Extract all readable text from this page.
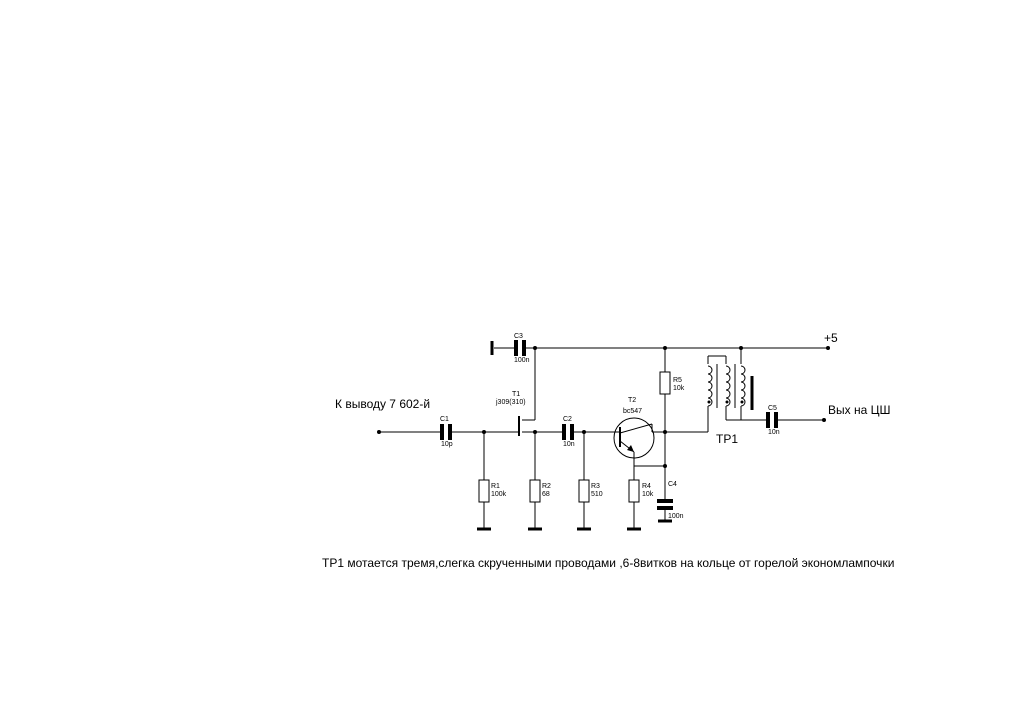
C1
10p
C2
10n
C3
100n
C4
100n
C5
10n
R1
100k
R2
68
R3
510
R4
10k
R5
10k
T1
j309(310)	T2
bc547
TP1
К выводу 7 602-й	Вых на ЦШ
+5
ТР1 мотается тремя,слегка скрученными проводами ,6-8витков на кольце от горелой экономлампочки
